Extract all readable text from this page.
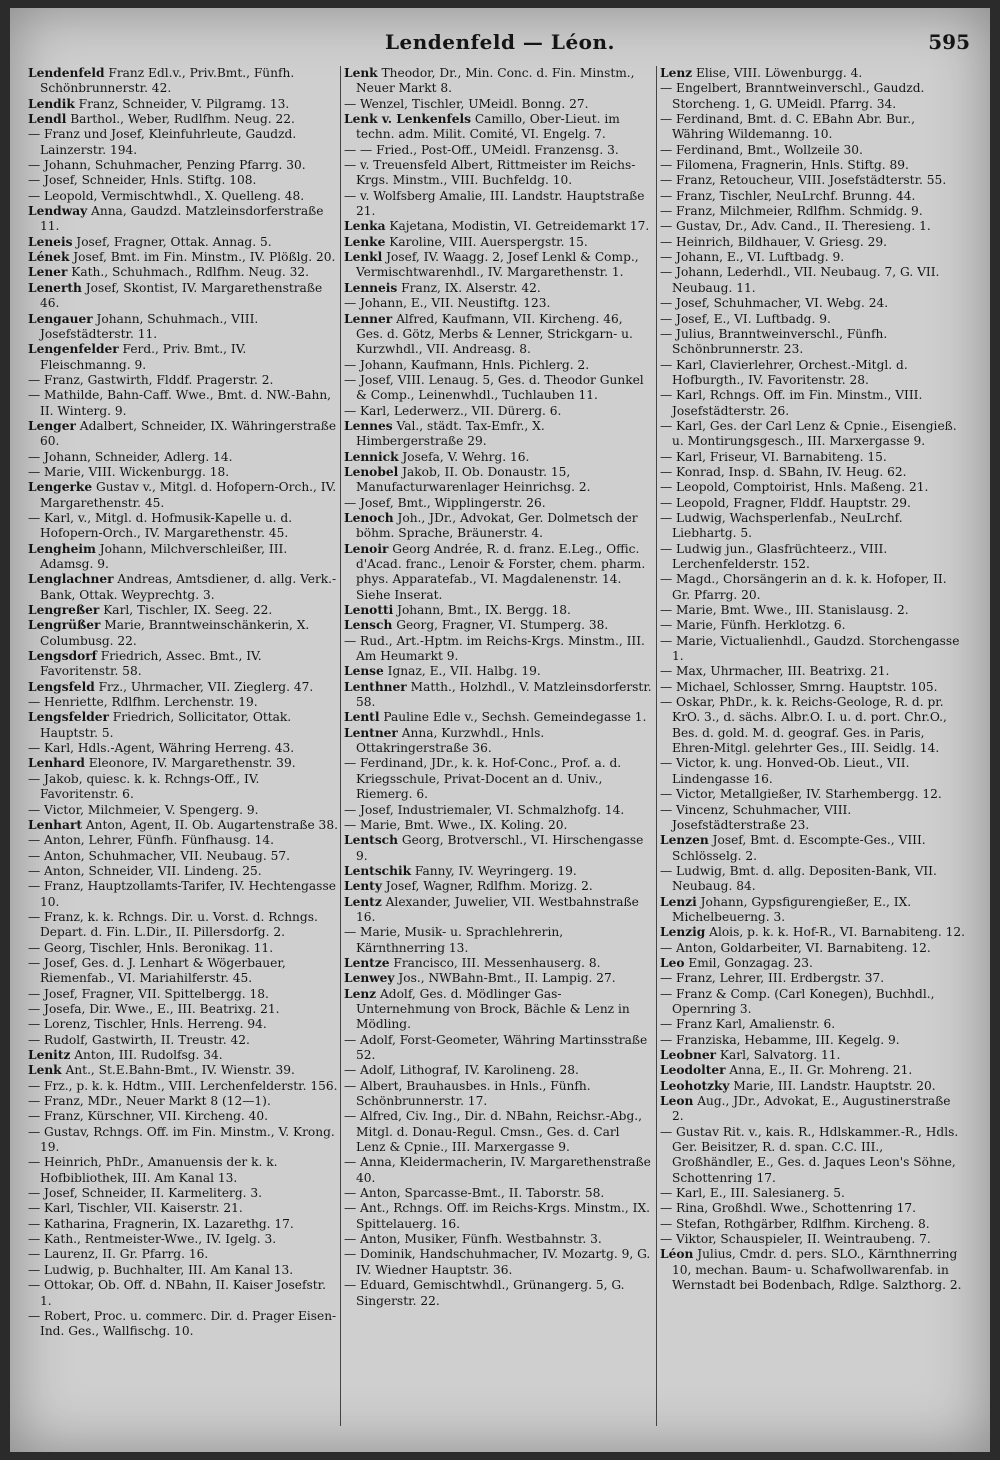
Lendenfeld — Léon.	595
Lendenfeld Franz Edl.v., Priv.Bmt., Fünfh. Schönbrunnerstr. 42.
Lendik Franz, Schneider, V. Pilgramg. 13.
Lendl Barthol., Weber, Rudlfhm. Neug. 22.
— Franz und Josef, Kleinfuhrleute, Gaudzd. Lainzerstr. 194.
— Johann, Schuhmacher, Penzing Pfarrg. 30.
— Josef, Schneider, Hnls. Stiftg. 108.
— Leopold, Vermischtwhdl., X. Quelleng. 48.
Lendway Anna, Gaudzd. Matzleinsdorferstraße 11.
Leneis Josef, Fragner, Ottak. Annag. 5.
Lének Josef, Bmt. im Fin. Minstm., IV. Plößlg. 20.
Lener Kath., Schuhmach., Rdlfhm. Neug. 32.
Lenerth Josef, Skontist, IV. Margarethenstraße 46.
Lengauer Johann, Schuhmach., VIII. Josefstädterstr. 11.
Lengenfelder Ferd., Priv. Bmt., IV. Fleischmanng. 9.
— Franz, Gastwirth, Flddf. Pragerstr. 2.
— Mathilde, Bahn-Caff. Wwe., Bmt. d. NW.-Bahn, II. Winterg. 9.
Lenger Adalbert, Schneider, IX. Währingerstraße 60.
— Johann, Schneider, Adlerg. 14.
— Marie, VIII. Wickenburgg. 18.
Lengerke Gustav v., Mitgl. d. Hofopern-Orch., IV. Margarethenstr. 45.
— Karl, v., Mitgl. d. Hofmusik-Kapelle u. d. Hofopern-Orch., IV. Margarethenstr. 45.
Lengheim Johann, Milchverschleißer, III. Adamsg. 9.
Lenglachner Andreas, Amtsdiener, d. allg. Verk.-Bank, Ottak. Weyprechtg. 3.
Lengreßer Karl, Tischler, IX. Seeg. 22.
Lengrüßer Marie, Branntweinschänkerin, X. Columbusg. 22.
Lengsdorf Friedrich, Assec. Bmt., IV. Favoritenstr. 58.
Lengsfeld Frz., Uhrmacher, VII. Zieglerg. 47.
— Henriette, Rdlfhm. Lerchenstr. 19.
Lengsfelder Friedrich, Sollicitator, Ottak. Hauptstr. 5.
— Karl, Hdls.-Agent, Währing Herreng. 43.
Lenhard Eleonore, IV. Margarethenstr. 39.
— Jakob, quiesc. k. k. Rchngs-Off., IV. Favoritenstr. 6.
— Victor, Milchmeier, V. Spengerg. 9.
Lenhart Anton, Agent, II. Ob. Augartenstraße 38.
— Anton, Lehrer, Fünfh. Fünfhausg. 14.
— Anton, Schuhmacher, VII. Neubaug. 57.
— Anton, Schneider, VII. Lindeng. 25.
— Franz, Hauptzollamts-Tarifer, IV. Hechtengasse 10.
— Franz, k. k. Rchngs. Dir. u. Vorst. d. Rchngs. Depart. d. Fin. L.Dir., II. Pillersdorfg. 2.
— Georg, Tischler, Hnls. Beronikag. 11.
— Josef, Ges. d. J. Lenhart & Wögerbauer, Riemenfab., VI. Mariahilferstr. 45.
— Josef, Fragner, VII. Spittelbergg. 18.
— Josefa, Dir. Wwe., E., III. Beatrixg. 21.
— Lorenz, Tischler, Hnls. Herreng. 94.
— Rudolf, Gastwirth, II. Treustr. 42.
Lenitz Anton, III. Rudolfsg. 34.
Lenk Ant., St.E.Bahn-Bmt., IV. Wienstr. 39.
— Frz., p. k. k. Hdtm., VIII. Lerchenfelderstr. 156.
— Franz, MDr., Neuer Markt 8 (12—1).
— Franz, Kürschner, VII. Kircheng. 40.
— Gustav, Rchngs. Off. im Fin. Minstm., V. Krong. 19.
— Heinrich, PhDr., Amanuensis der k. k. Hofbibliothek, III. Am Kanal 13.
— Josef, Schneider, II. Karmeliterg. 3.
— Karl, Tischler, VII. Kaiserstr. 21.
— Katharina, Fragnerin, IX. Lazarethg. 17.
— Kath., Rentmeister-Wwe., IV. Igelg. 3.
— Laurenz, II. Gr. Pfarrg. 16.
— Ludwig, p. Buchhalter, III. Am Kanal 13.
— Ottokar, Ob. Off. d. NBahn, II. Kaiser Josefstr. 1.
— Robert, Proc. u. commerc. Dir. d. Prager Eisen-Ind. Ges., Wallfischg. 10.
Lenk Theodor, Dr., Min. Conc. d. Fin. Minstm., Neuer Markt 8.
— Wenzel, Tischler, UMeidl. Bonng. 27.
Lenk v. Lenkenfels Camillo, Ober-Lieut. im techn. adm. Milit. Comité, VI. Engelg. 7.
— — Fried., Post-Off., UMeidl. Franzensg. 3.
— v. Treuensfeld Albert, Rittmeister im Reichs-Krgs. Minstm., VIII. Buchfeldg. 10.
— v. Wolfsberg Amalie, III. Landstr. Hauptstraße 21.
Lenka Kajetana, Modistin, VI. Getreidemarkt 17.
Lenke Karoline, VIII. Auerspergstr. 15.
Lenkl Josef, IV. Waagg. 2, Josef Lenkl & Comp., Vermischtwarenhdl., IV. Margarethenstr. 1.
Lenneis Franz, IX. Alserstr. 42.
— Johann, E., VII. Neustiftg. 123.
Lenner Alfred, Kaufmann, VII. Kircheng. 46, Ges. d. Götz, Merbs & Lenner, Strickgarn- u. Kurzwhdl., VII. Andreasg. 8.
— Johann, Kaufmann, Hnls. Pichlerg. 2.
— Josef, VIII. Lenaug. 5, Ges. d. Theodor Gunkel & Comp., Leinenwhdl., Tuchlauben 11.
— Karl, Lederwerz., VII. Dürerg. 6.
Lennes Val., städt. Tax-Emfr., X. Himbergerstraße 29.
Lennick Josefa, V. Wehrg. 16.
Lenobel Jakob, II. Ob. Donaustr. 15, Manufacturwarenlager Heinrichsg. 2.
— Josef, Bmt., Wipplingerstr. 26.
Lenoch Joh., JDr., Advokat, Ger. Dolmetsch der böhm. Sprache, Bräunerstr. 4.
Lenoir Georg Andrée, R. d. franz. E.Leg., Offic. d'Acad. franc., Lenoir & Forster, chem. pharm. phys. Apparatefab., VI. Magdalenenstr. 14. Siehe Inserat.
Lenotti Johann, Bmt., IX. Bergg. 18.
Lensch Georg, Fragner, VI. Stumperg. 38.
— Rud., Art.-Hptm. im Reichs-Krgs. Minstm., III. Am Heumarkt 9.
Lense Ignaz, E., VII. Halbg. 19.
Lenthner Matth., Holzhdl., V. Matzleinsdorferstr. 58.
Lentl Pauline Edle v., Sechsh. Gemeindegasse 1.
Lentner Anna, Kurzwhdl., Hnls. Ottakringerstraße 36.
— Ferdinand, JDr., k. k. Hof-Conc., Prof. a. d. Kriegsschule, Privat-Docent an d. Univ., Riemerg. 6.
— Josef, Industriemaler, VI. Schmalzhofg. 14.
— Marie, Bmt. Wwe., IX. Koling. 20.
Lentsch Georg, Brotverschl., VI. Hirschengasse 9.
Lentschik Fanny, IV. Weyringerg. 19.
Lenty Josef, Wagner, Rdlfhm. Morizg. 2.
Lentz Alexander, Juwelier, VII. Westbahnstraße 16.
— Marie, Musik- u. Sprachlehrerin, Kärnthnerring 13.
Lentze Francisco, III. Messenhauserg. 8.
Lenwey Jos., NWBahn-Bmt., II. Lampig. 27.
Lenz Adolf, Ges. d. Mödlinger Gas-Unternehmung von Brock, Bächle & Lenz in Mödling.
— Adolf, Forst-Geometer, Währing Martinsstraße 52.
— Adolf, Lithograf, IV. Karolineng. 28.
— Albert, Brauhausbes. in Hnls., Fünfh. Schönbrunnerstr. 17.
— Alfred, Civ. Ing., Dir. d. NBahn, Reichsr.-Abg., Mitgl. d. Donau-Regul. Cmsn., Ges. d. Carl Lenz & Cpnie., III. Marxergasse 9.
— Anna, Kleidermacherin, IV. Margarethenstraße 40.
— Anton, Sparcasse-Bmt., II. Taborstr. 58.
— Ant., Rchngs. Off. im Reichs-Krgs. Minstm., IX. Spittelauerg. 16.
— Anton, Musiker, Fünfh. Westbahnstr. 3.
— Dominik, Handschuhmacher, IV. Mozartg. 9, G. IV. Wiedner Hauptstr. 36.
— Eduard, Gemischtwhdl., Grünangerg. 5, G. Singerstr. 22.
Lenz Elise, VIII. Löwenburgg. 4.
— Engelbert, Branntweinverschl., Gaudzd. Storcheng. 1, G. UMeidl. Pfarrg. 34.
— Ferdinand, Bmt. d. C. EBahn Abr. Bur., Währing Wildemanng. 10.
— Ferdinand, Bmt., Wollzeile 30.
— Filomena, Fragnerin, Hnls. Stiftg. 89.
— Franz, Retoucheur, VIII. Josefstädterstr. 55.
— Franz, Tischler, NeuLrchf. Brunng. 44.
— Franz, Milchmeier, Rdlfhm. Schmidg. 9.
— Gustav, Dr., Adv. Cand., II. Theresieng. 1.
— Heinrich, Bildhauer, V. Griesg. 29.
— Johann, E., VI. Luftbadg. 9.
— Johann, Lederhdl., VII. Neubaug. 7, G. VII. Neubaug. 11.
— Josef, Schuhmacher, VI. Webg. 24.
— Josef, E., VI. Luftbadg. 9.
— Julius, Branntweinverschl., Fünfh. Schönbrunnerstr. 23.
— Karl, Clavierlehrer, Orchest.-Mitgl. d. Hofburgth., IV. Favoritenstr. 28.
— Karl, Rchngs. Off. im Fin. Minstm., VIII. Josefstädterstr. 26.
— Karl, Ges. der Carl Lenz & Cpnie., Eisengieß. u. Montirungsgesch., III. Marxergasse 9.
— Karl, Friseur, VI. Barnabiteng. 15.
— Konrad, Insp. d. SBahn, IV. Heug. 62.
— Leopold, Comptoirist, Hnls. Maßeng. 21.
— Leopold, Fragner, Flddf. Hauptstr. 29.
— Ludwig, Wachsperlenfab., NeuLrchf. Liebhartg. 5.
— Ludwig jun., Glasfrüchteerz., VIII. Lerchenfelderstr. 152.
— Magd., Chorsängerin an d. k. k. Hofoper, II. Gr. Pfarrg. 20.
— Marie, Bmt. Wwe., III. Stanislausg. 2.
— Marie, Fünfh. Herklotzg. 6.
— Marie, Victualienhdl., Gaudzd. Storchengasse 1.
— Max, Uhrmacher, III. Beatrixg. 21.
— Michael, Schlosser, Smrng. Hauptstr. 105.
— Oskar, PhDr., k. k. Reichs-Geologe, R. d. pr. KrO. 3., d. sächs. Albr.O. I. u. d. port. Chr.O., Bes. d. gold. M. d. geograf. Ges. in Paris, Ehren-Mitgl. gelehrter Ges., III. Seidlg. 14.
— Victor, k. ung. Honved-Ob. Lieut., VII. Lindengasse 16.
— Victor, Metallgießer, IV. Starhembergg. 12.
— Vincenz, Schuhmacher, VIII. Josefstädterstraße 23.
Lenzen Josef, Bmt. d. Escompte-Ges., VIII. Schlösselg. 2.
— Ludwig, Bmt. d. allg. Depositen-Bank, VII. Neubaug. 84.
Lenzi Johann, Gypsfigurengießer, E., IX. Michelbeuerng. 3.
Lenzig Alois, p. k. k. Hof-R., VI. Barnabiteng. 12.
— Anton, Goldarbeiter, VI. Barnabiteng. 12.
Leo Emil, Gonzagag. 23.
— Franz, Lehrer, III. Erdbergstr. 37.
— Franz & Comp. (Carl Konegen), Buchhdl., Opernring 3.
— Franz Karl, Amalienstr. 6.
— Franziska, Hebamme, III. Kegelg. 9.
Leobner Karl, Salvatorg. 11.
Leodolter Anna, E., II. Gr. Mohreng. 21.
Leohotzky Marie, III. Landstr. Hauptstr. 20.
Leon Aug., JDr., Advokat, E., Augustinerstraße 2.
— Gustav Rit. v., kais. R., Hdlskammer.-R., Hdls. Ger. Beisitzer, R. d. span. C.C. III., Großhändler, E., Ges. d. Jaques Leon's Söhne, Schottenring 17.
— Karl, E., III. Salesianerg. 5.
— Rina, Großhdl. Wwe., Schottenring 17.
— Stefan, Rothgärber, Rdlfhm. Kircheng. 8.
— Viktor, Schauspieler, II. Weintraubeng. 7.
Léon Julius, Cmdr. d. pers. SLO., Kärnthnerring 10, mechan. Baum- u. Schafwollwarenfab. in Wernstadt bei Bodenbach, Rdlge. Salzthorg. 2.
